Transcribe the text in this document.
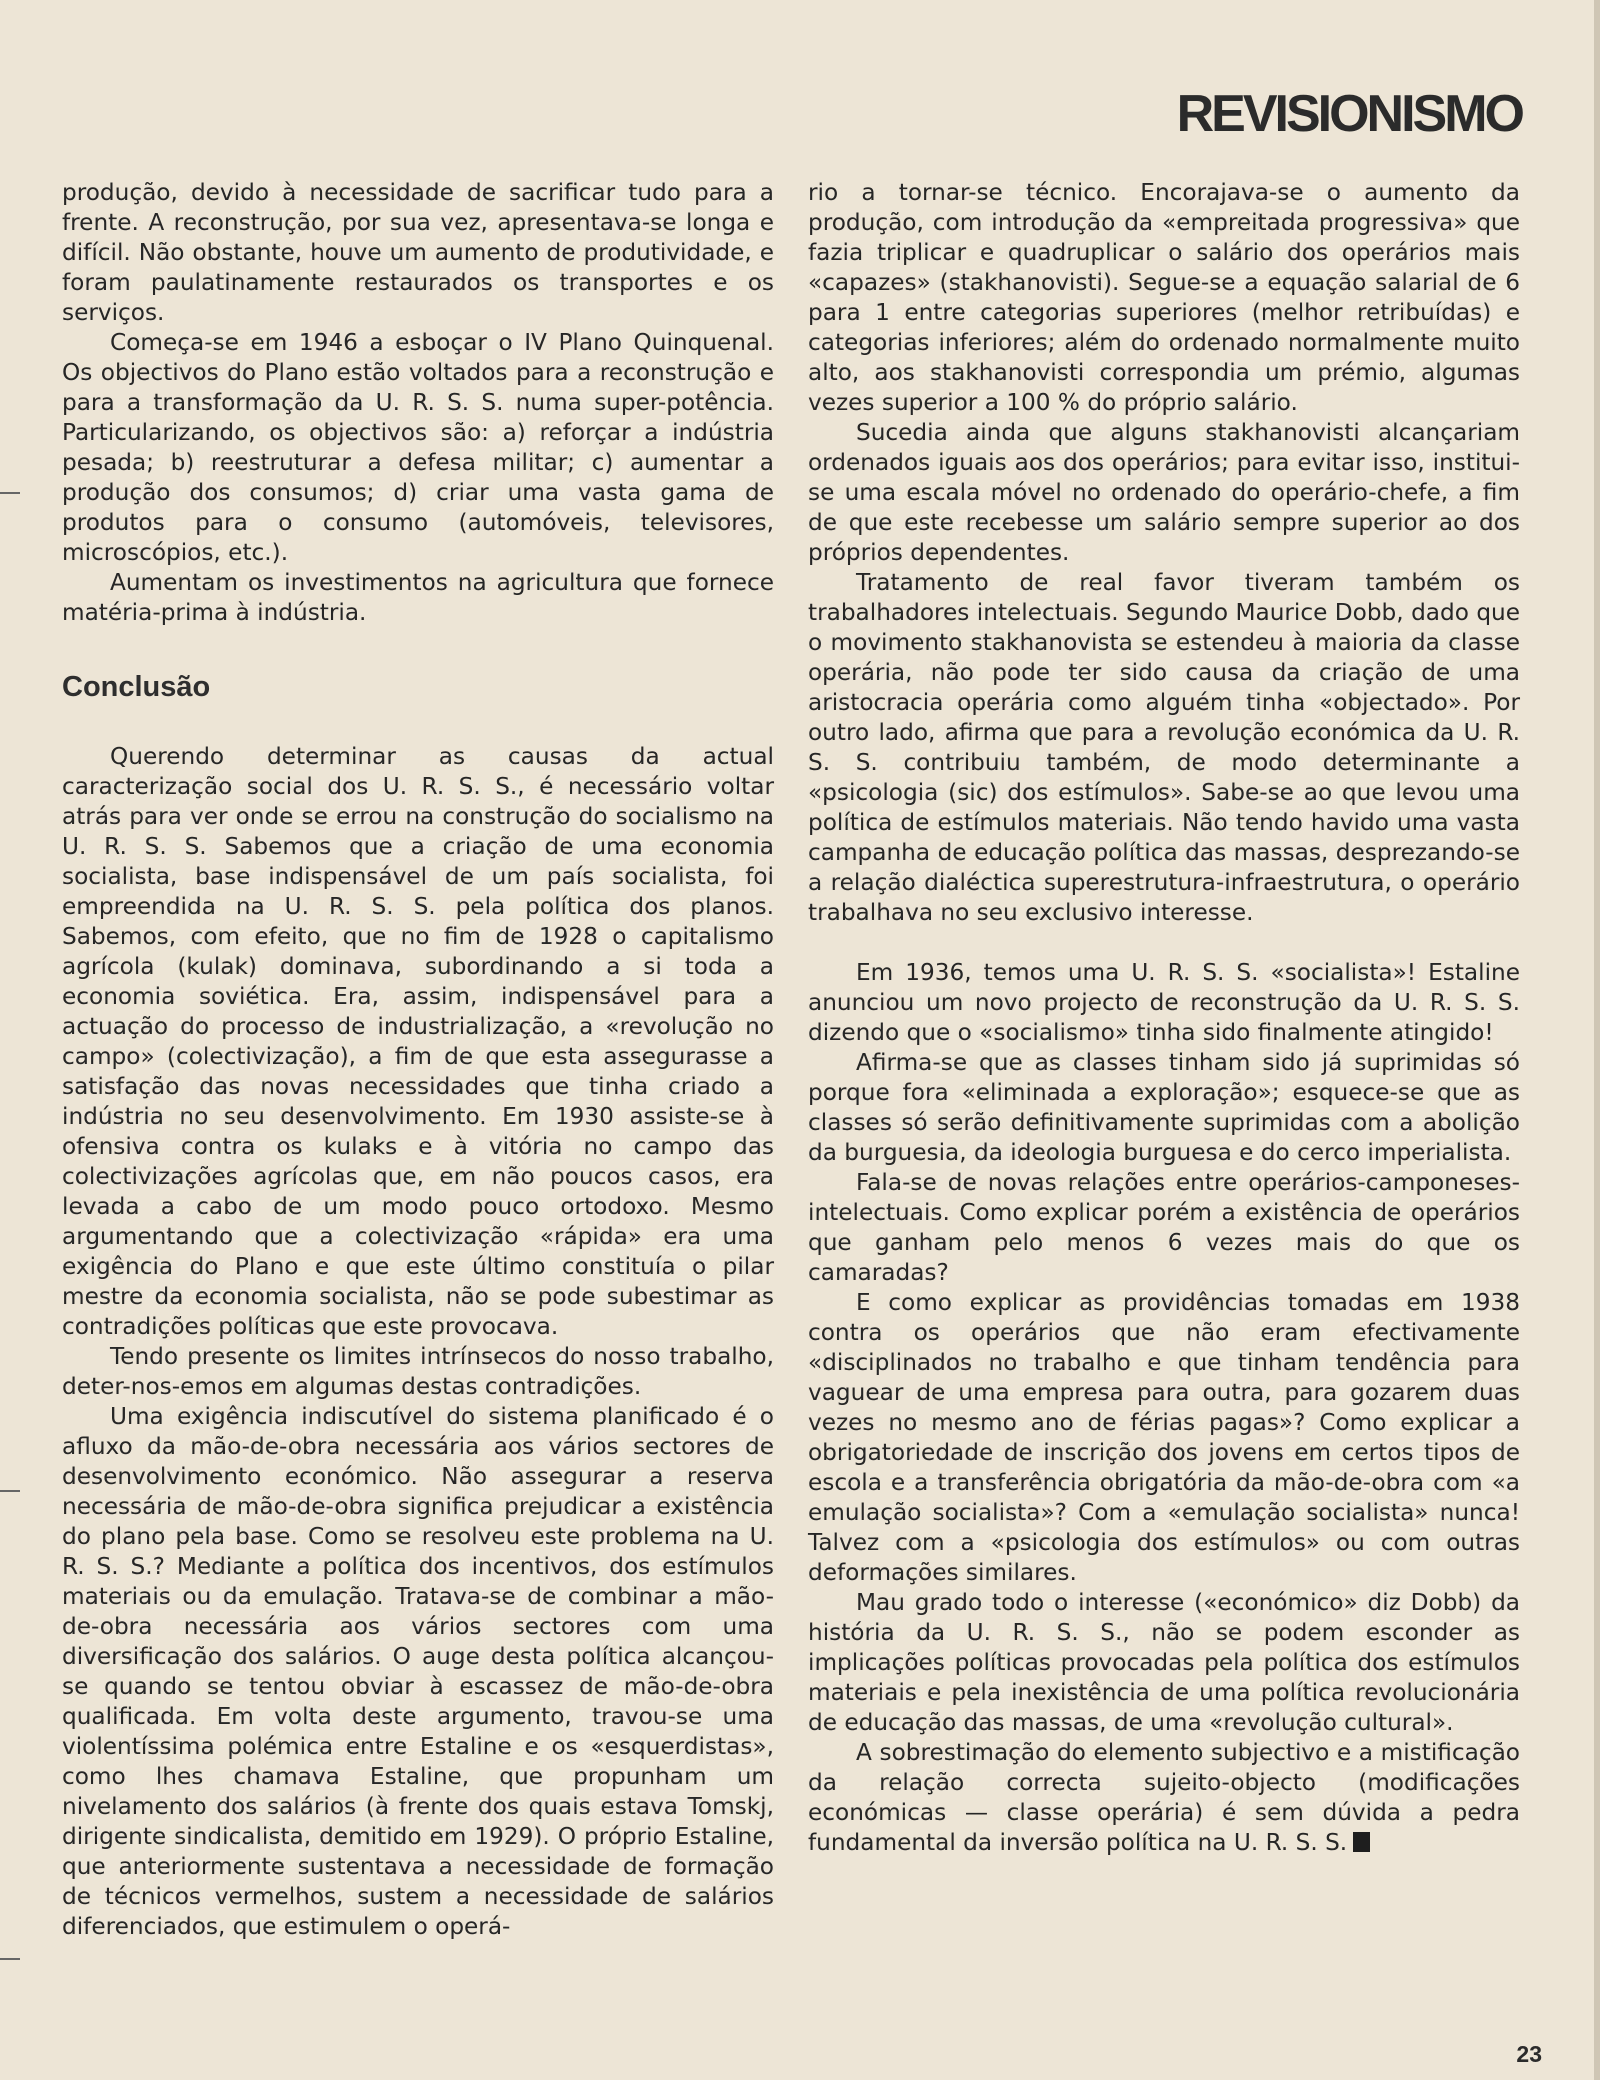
REVISIONISMO

produção, devido à necessidade de sacrificar tudo para a frente. A reconstrução, por sua vez, apresentava-se longa e difícil. Não obstante, houve um aumento de produtividade, e foram paulatinamente restaurados os transportes e os serviços.

Começa-se em 1946 a esboçar o IV Plano Quinquenal. Os objectivos do Plano estão voltados para a reconstrução e para a transformação da U. R. S. S. numa super-potência. Particularizando, os objectivos são: a) reforçar a indústria pesada; b) reestruturar a defesa militar; c) aumentar a produção dos consumos; d) criar uma vasta gama de produtos para o consumo (automóveis, televisores, microscópios, etc.).

Aumentam os investimentos na agricultura que fornece matéria-prima à indústria.

Conclusão

Querendo determinar as causas da actual caracterização social dos U. R. S. S., é necessário voltar atrás para ver onde se errou na construção do socialismo na U. R. S. S. Sabemos que a criação de uma economia socialista, base indispensável de um país socialista, foi empreendida na U. R. S. S. pela política dos planos. Sabemos, com efeito, que no fim de 1928 o capitalismo agrícola (kulak) dominava, subordinando a si toda a economia soviética. Era, assim, indispensável para a actuação do processo de industrialização, a «revolução no campo» (colectivização), a fim de que esta assegurasse a satisfação das novas necessidades que tinha criado a indústria no seu desenvolvimento. Em 1930 assiste-se à ofensiva contra os kulaks e à vitória no campo das colectivizações agrícolas que, em não poucos casos, era levada a cabo de um modo pouco ortodoxo. Mesmo argumentando que a colectivização «rápida» era uma exigência do Plano e que este último constituía o pilar mestre da economia socialista, não se pode subestimar as contradições políticas que este provocava.

Tendo presente os limites intrínsecos do nosso trabalho, deter-nos-emos em algumas destas contradições.

Uma exigência indiscutível do sistema planificado é o afluxo da mão-de-obra necessária aos vários sectores de desenvolvimento económico. Não assegurar a reserva necessária de mão-de-obra significa prejudicar a existência do plano pela base. Como se resolveu este problema na U. R. S. S.? Mediante a política dos incentivos, dos estímulos materiais ou da emulação. Tratava-se de combinar a mão-de-obra necessária aos vários sectores com uma diversificação dos salários. O auge desta política alcançou-se quando se tentou obviar à escassez de mão-de-obra qualificada. Em volta deste argumento, travou-se uma violentíssima polémica entre Estaline e os «esquerdistas», como lhes chamava Estaline, que propunham um nivelamento dos salários (à frente dos quais estava Tomskj, dirigente sindicalista, demitido em 1929). O próprio Estaline, que anteriormente sustentava a necessidade de formação de técnicos vermelhos, sustem a necessidade de salários diferenciados, que estimulem o operá-

rio a tornar-se técnico. Encorajava-se o aumento da produção, com introdução da «empreitada progressiva» que fazia triplicar e quadruplicar o salário dos operários mais «capazes» (stakhanovisti). Segue-se a equação salarial de 6 para 1 entre categorias superiores (melhor retribuídas) e categorias inferiores; além do ordenado normalmente muito alto, aos stakhanovisti correspondia um prémio, algumas vezes superior a 100 % do próprio salário.

Sucedia ainda que alguns stakhanovisti alcançariam ordenados iguais aos dos operários; para evitar isso, institui-se uma escala móvel no ordenado do operário-chefe, a fim de que este recebesse um salário sempre superior ao dos próprios dependentes.

Tratamento de real favor tiveram também os trabalhadores intelectuais. Segundo Maurice Dobb, dado que o movimento stakhanovista se estendeu à maioria da classe operária, não pode ter sido causa da criação de uma aristocracia operária como alguém tinha «objectado». Por outro lado, afirma que para a revolução económica da U. R. S. S. contribuiu também, de modo determinante a «psicologia (sic) dos estímulos». Sabe-se ao que levou uma política de estímulos materiais. Não tendo havido uma vasta campanha de educação política das massas, desprezando-se a relação dialéctica superestrutura-infraestrutura, o operário trabalhava no seu exclusivo interesse.

Em 1936, temos uma U. R. S. S. «socialista»! Estaline anunciou um novo projecto de reconstrução da U. R. S. S. dizendo que o «socialismo» tinha sido finalmente atingido!

Afirma-se que as classes tinham sido já suprimidas só porque fora «eliminada a exploração»; esquece-se que as classes só serão definitivamente suprimidas com a abolição da burguesia, da ideologia burguesa e do cerco imperialista.

Fala-se de novas relações entre operários-camponeses-intelectuais. Como explicar porém a existência de operários que ganham pelo menos 6 vezes mais do que os camaradas?

E como explicar as providências tomadas em 1938 contra os operários que não eram efectivamente «disciplinados no trabalho e que tinham tendência para vaguear de uma empresa para outra, para gozarem duas vezes no mesmo ano de férias pagas»? Como explicar a obrigatoriedade de inscrição dos jovens em certos tipos de escola e a transferência obrigatória da mão-de-obra com «a emulação socialista»? Com a «emulação socialista» nunca! Talvez com a «psicologia dos estímulos» ou com outras deformações similares.

Mau grado todo o interesse («económico» diz Dobb) da história da U. R. S. S., não se podem esconder as implicações políticas provocadas pela política dos estímulos materiais e pela inexistência de uma política revolucionária de educação das massas, de uma «revolução cultural».

A sobrestimação do elemento subjectivo e a mistificação da relação correcta sujeito-objecto (modificações económicas — classe operária) é sem dúvida a pedra fundamental da inversão política na U. R. S. S.

23
